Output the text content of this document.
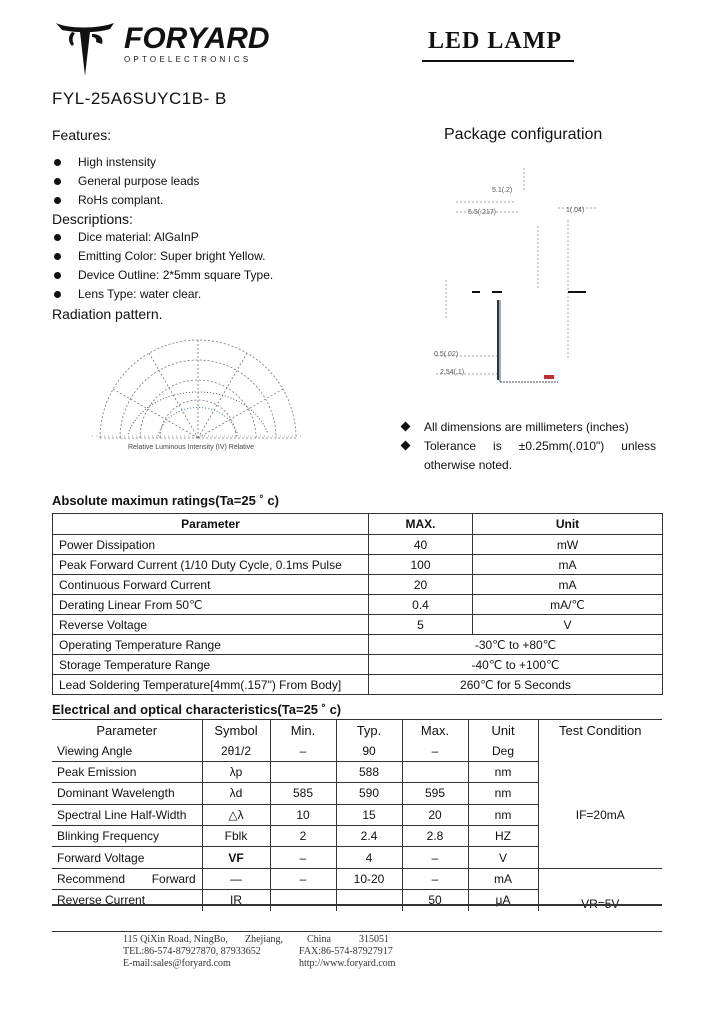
FORYARD
OPTOELECTRONICS
LED LAMP
FYL-25A6SUYC1B- B
Features:
High instensity
General purpose leads
RoHs complant.
Descriptions:
Dice material: AlGaInP
Emitting Color: Super bright Yellow.
Device Outline: 2*5mm square Type.
Lens Type: water clear.
Radiation pattern.
Relative Luminous Intensity (IV) Relative
Package configuration
5.1(.2)
5.5(.217)	1(.04)
0.5(.02)
2.54(.1)
All dimensions are millimeters (inches)
Tolerance is ±0.25mm(.010") unless otherwise noted.
Absolute maximun ratings(Ta=25 ˚ c)
Parameter	MAX.	Unit
Power Dissipation	40	mW
Peak Forward Current (1/10 Duty Cycle, 0.1ms Pulse	100	mA
Continuous Forward Current	20	mA
Derating Linear From 50℃	0.4	mA/℃
Reverse Voltage	5	V
Operating Temperature Range	-30℃ to +80℃	
Storage Temperature Range	-40℃ to +100℃	
Lead Soldering Temperature[4mm(.157") From Body]	260℃ for 5 Seconds	
Electrical and optical characteristics(Ta=25 ˚ c)
Parameter	Symbol	Min.	Typ.	Max.	Unit	Test Condition
Viewing Angle	2θ1/2	–	90	–	Deg	
Peak Emission	λp		588		nm	IF=20mA
Dominant Wavelength	λd	585	590	595	nm	
Spectral Line Half-Width	△λ	10	15	20	nm	
Blinking Frequency	Fblk	2	2.4	2.8	HZ	
Forward Voltage	VF	–	4	–	V	
Recommend        Forward	—	–	10-20	–	mA	VR=5V
Reverse Current	IR			50	μA	
115 QiXin Road, NingBo, Zhejiang, China	315051
TEL:86-574-87927870, 87933652	FAX:86-574-87927917
E-mail:sales@foryard.com	http://www.foryard.com
